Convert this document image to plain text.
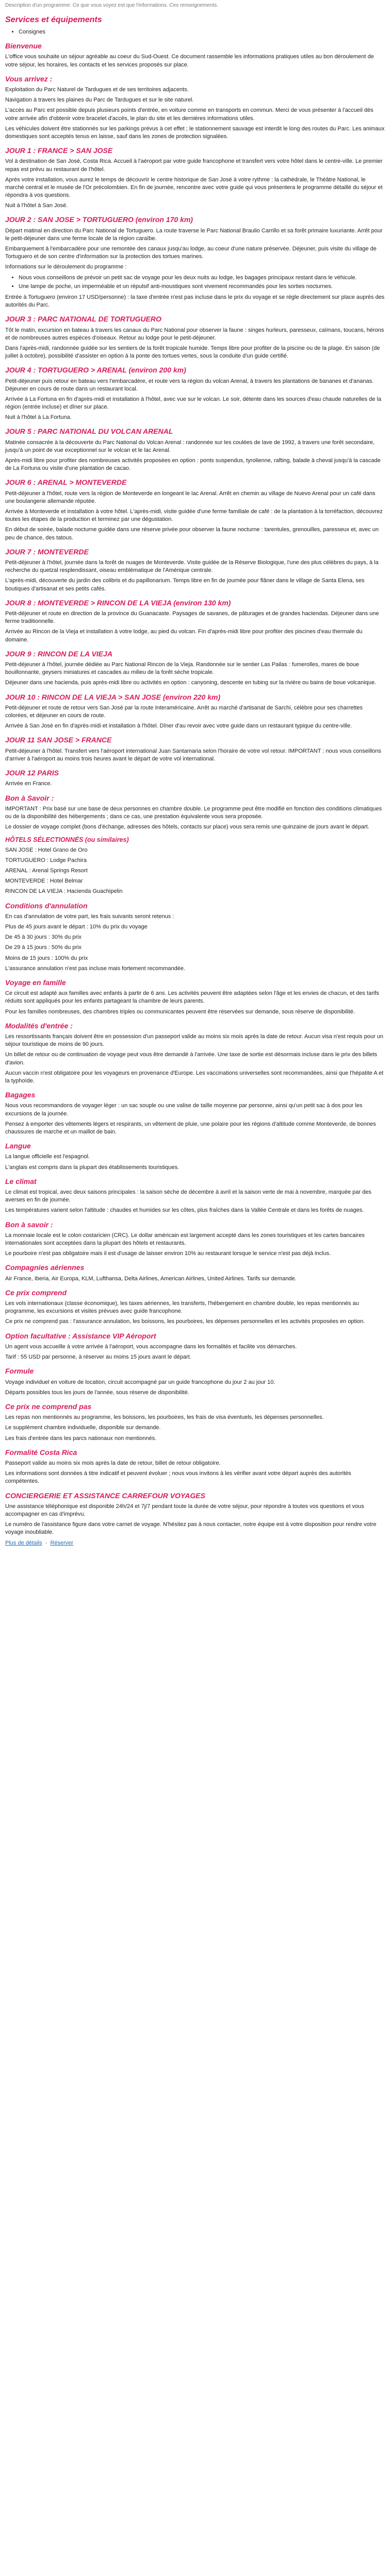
Description d'un programme: Ce que vous voyez est que l'informations. Ces renseignements.

Services et équipements
• Consignes
Bienvenue

L'office vous souhaite un séjour agréable au coeur du Sud-Ouest. Ce document rassemble les informations pratiques utiles au bon déroulement de votre séjour, les horaires, les contacts et les services proposés sur place.

Vous arrivez :

Exploitation du Parc Naturel de Tardugues et de ses territoires adjacents.

Navigation à travers les plaines du Parc de Tardugues et sur le site naturel.

L'accès au Parc est possible depuis plusieurs points d'entrée, en voiture comme en transports en commun. Merci de vous présenter à l'accueil dès votre arrivée afin d'obtenir votre bracelet d'accès, le plan du site et les dernières informations utiles.

Les véhicules doivent être stationnés sur les parkings prévus à cet effet ; le stationnement sauvage est interdit le long des routes du Parc. Les animaux domestiques sont acceptés tenus en laisse, sauf dans les zones de protection signalées.

JOUR 1 : FRANCE > SAN JOSE

Vol à destination de San José, Costa Rica. Accueil à l'aéroport par votre guide francophone et transfert vers votre hôtel dans le centre-ville. Le premier repas est prévu au restaurant de l'hôtel.

Après votre installation, vous aurez le temps de découvrir le centre historique de San José à votre rythme : la cathédrale, le Théâtre National, le marché central et le musée de l'Or précolombien. En fin de journée, rencontre avec votre guide qui vous présentera le programme détaillé du séjour et répondra à vos questions.

Nuit à l'hôtel à San José.

JOUR 2 : SAN JOSE > TORTUGUERO (environ 170 km)

Départ matinal en direction du Parc National de Tortuguero. La route traverse le Parc National Braulio Carrillo et sa forêt primaire luxuriante. Arrêt pour le petit-déjeuner dans une ferme locale de la région caraïbe.

Embarquement à l'embarcadère pour une remontée des canaux jusqu'au lodge, au coeur d'une nature préservée. Déjeuner, puis visite du village de Tortuguero et de son centre d'information sur la protection des tortues marines.

Informations sur le déroulement du programme :

• Nous vous conseillons de prévoir un petit sac de voyage pour les deux nuits au lodge, les bagages principaux restant dans le véhicule.
• Une lampe de poche, un imperméable et un répulsif anti-moustiques sont vivement recommandés pour les sorties nocturnes.

Entrée à Tortuguero (environ 17 USD/personne) : la taxe d'entrée n'est pas incluse dans le prix du voyage et se règle directement sur place auprès des autorités du Parc.

JOUR 3 : PARC NATIONAL DE TORTUGUERO

Tôt le matin, excursion en bateau à travers les canaux du Parc National pour observer la faune : singes hurleurs, paresseux, caïmans, toucans, hérons et de nombreuses autres espèces d'oiseaux. Retour au lodge pour le petit-déjeuner.

Dans l'après-midi, randonnée guidée sur les sentiers de la forêt tropicale humide. Temps libre pour profiter de la piscine ou de la plage. En saison (de juillet à octobre), possibilité d'assister en option à la ponte des tortues vertes, sous la conduite d'un guide certifié.

JOUR 4 : TORTUGUERO > ARENAL (environ 200 km)

Petit-déjeuner puis retour en bateau vers l'embarcadère, et route vers la région du volcan Arenal, à travers les plantations de bananes et d'ananas. Déjeuner en cours de route dans un restaurant local.

Arrivée à La Fortuna en fin d'après-midi et installation à l'hôtel, avec vue sur le volcan. Le soir, détente dans les sources d'eau chaude naturelles de la région (entrée incluse) et dîner sur place.

Nuit à l'hôtel à La Fortuna.

JOUR 5 : PARC NATIONAL DU VOLCAN ARENAL

Matinée consacrée à la découverte du Parc National du Volcan Arenal : randonnée sur les coulées de lave de 1992, à travers une forêt secondaire, jusqu'à un point de vue exceptionnel sur le volcan et le lac Arenal.

Après-midi libre pour profiter des nombreuses activités proposées en option : ponts suspendus, tyrolienne, rafting, balade à cheval jusqu'à la cascade de La Fortuna ou visite d'une plantation de cacao.

JOUR 6 : ARENAL > MONTEVERDE

Petit-déjeuner à l'hôtel, route vers la région de Monteverde en longeant le lac Arenal. Arrêt en chemin au village de Nuevo Arenal pour un café dans une boulangerie allemande réputée.

Arrivée à Monteverde et installation à votre hôtel. L'après-midi, visite guidée d'une ferme familiale de café : de la plantation à la torréfaction, découvrez toutes les étapes de la production et terminez par une dégustation.

En début de soirée, balade nocturne guidée dans une réserve privée pour observer la faune nocturne : tarentules, grenouilles, paresseux et, avec un peu de chance, des tatous.

JOUR 7 : MONTEVERDE

Petit-déjeuner à l'hôtel, journée dans la forêt de nuages de Monteverde. Visite guidée de la Réserve Biologique, l'une des plus célèbres du pays, à la recherche du quetzal resplendissant, oiseau emblématique de l'Amérique centrale.

L'après-midi, découverte du jardin des colibris et du papillonarium. Temps libre en fin de journée pour flâner dans le village de Santa Elena, ses boutiques d'artisanat et ses petits cafés.

JOUR 8 : MONTEVERDE > RINCON DE LA VIEJA (environ 130 km)

Petit-déjeuner et route en direction de la province du Guanacaste. Paysages de savanes, de pâturages et de grandes haciendas. Déjeuner dans une ferme traditionnelle.

Arrivée au Rincon de la Vieja et installation à votre lodge, au pied du volcan. Fin d'après-midi libre pour profiter des piscines d'eau thermale du domaine.

JOUR 9 : RINCON DE LA VIEJA

Petit-déjeuner à l'hôtel, journée dédiée au Parc National Rincon de la Vieja. Randonnée sur le sentier Las Pailas : fumerolles, mares de boue bouillonnante, geysers miniatures et cascades au milieu de la forêt sèche tropicale.

Déjeuner dans une hacienda, puis après-midi libre ou activités en option : canyoning, descente en tubing sur la rivière ou bains de boue volcanique.

JOUR 10 : RINCON DE LA VIEJA > SAN JOSE (environ 220 km)

Petit-déjeuner et route de retour vers San José par la route Interaméricaine. Arrêt au marché d'artisanat de Sarchi, célèbre pour ses charrettes colorées, et déjeuner en cours de route.

Arrivée à San José en fin d'après-midi et installation à l'hôtel. Dîner d'au revoir avec votre guide dans un restaurant typique du centre-ville.

JOUR 11 SAN JOSE > FRANCE

Petit-déjeuner à l'hôtel. Transfert vers l'aéroport international Juan Santamaria selon l'horaire de votre vol retour. IMPORTANT : nous vous conseillons d'arriver à l'aéroport au moins trois heures avant le départ de votre vol international.

JOUR 12 PARIS

Arrivée en France.

Bon à Savoir :

IMPORTANT : Prix basé sur une base de deux personnes en chambre double. Le programme peut être modifié en fonction des conditions climatiques ou de la disponibilité des hébergements ; dans ce cas, une prestation équivalente vous sera proposée.

Le dossier de voyage complet (bons d'échange, adresses des hôtels, contacts sur place) vous sera remis une quinzaine de jours avant le départ.

HÔTELS SÉLECTIONNÉS (ou similaires)

SAN JOSE : Hotel Grano de Oro

TORTUGUERO : Lodge Pachira

ARENAL : Arenal Springs Resort

MONTEVERDE : Hotel Belmar

RINCON DE LA VIEJA : Hacienda Guachipelin

Conditions d'annulation

En cas d'annulation de votre part, les frais suivants seront retenus :

Plus de 45 jours avant le départ : 10% du prix du voyage

De 45 à 30 jours : 30% du prix

De 29 à 15 jours : 50% du prix

Moins de 15 jours : 100% du prix

L'assurance annulation n'est pas incluse mais fortement recommandée.

Voyage en famille

Ce circuit est adapté aux familles avec enfants à partir de 6 ans. Les activités peuvent être adaptées selon l'âge et les envies de chacun, et des tarifs réduits sont appliqués pour les enfants partageant la chambre de leurs parents.

Pour les familles nombreuses, des chambres triples ou communicantes peuvent être réservées sur demande, sous réserve de disponibilité.

Modalités d'entrée :

Les ressortissants français doivent être en possession d'un passeport valide au moins six mois après la date de retour. Aucun visa n'est requis pour un séjour touristique de moins de 90 jours.

Un billet de retour ou de continuation de voyage peut vous être demandé à l'arrivée. Une taxe de sortie est désormais incluse dans le prix des billets d'avion.

Aucun vaccin n'est obligatoire pour les voyageurs en provenance d'Europe. Les vaccinations universelles sont recommandées, ainsi que l'hépatite A et la typhoïde.

Bagages

Nous vous recommandons de voyager léger : un sac souple ou une valise de taille moyenne par personne, ainsi qu'un petit sac à dos pour les excursions de la journée.

Pensez à emporter des vêtements légers et respirants, un vêtement de pluie, une polaire pour les régions d'altitude comme Monteverde, de bonnes chaussures de marche et un maillot de bain.

Langue

La langue officielle est l'espagnol.

L'anglais est compris dans la plupart des établissements touristiques.

Le climat

Le climat est tropical, avec deux saisons principales : la saison sèche de décembre à avril et la saison verte de mai à novembre, marquée par des averses en fin de journée.

Les températures varient selon l'altitude : chaudes et humides sur les côtes, plus fraîches dans la Vallée Centrale et dans les forêts de nuages.

Bon à savoir :

La monnaie locale est le colon costaricien (CRC). Le dollar américain est largement accepté dans les zones touristiques et les cartes bancaires internationales sont acceptées dans la plupart des hôtels et restaurants.

Le pourboire n'est pas obligatoire mais il est d'usage de laisser environ 10% au restaurant lorsque le service n'est pas déjà inclus.

Compagnies aériennes

Air France, Iberia, Air Europa, KLM, Lufthansa, Delta Airlines, American Airlines, United Airlines. Tarifs sur demande.

Ce prix comprend

Les vols internationaux (classe économique), les taxes aériennes, les transferts, l'hébergement en chambre double, les repas mentionnés au programme, les excursions et visites prévues avec guide francophone.

Ce prix ne comprend pas : l'assurance annulation, les boissons, les pourboires, les dépenses personnelles et les activités proposées en option.

Option facultative : Assistance VIP Aéroport

Un agent vous accueille à votre arrivée à l'aéroport, vous accompagne dans les formalités et facilite vos démarches.

Tarif : 55 USD par personne, à réserver au moins 15 jours avant le départ.

Formule

Voyage individuel en voiture de location, circuit accompagné par un guide francophone du jour 2 au jour 10.

Départs possibles tous les jours de l'année, sous réserve de disponibilité.

Ce prix ne comprend pas

Les repas non mentionnés au programme, les boissons, les pourboires, les frais de visa éventuels, les dépenses personnelles.

Le supplément chambre individuelle, disponible sur demande.

Les frais d'entrée dans les parcs nationaux non mentionnés.

Formalité Costa Rica

Passeport valide au moins six mois après la date de retour, billet de retour obligatoire.

Les informations sont données à titre indicatif et peuvent évoluer ; nous vous invitons à les vérifier avant votre départ auprès des autorités compétentes.

CONCIERGERIE ET ASSISTANCE CARREFOUR VOYAGES

Une assistance téléphonique est disponible 24h/24 et 7j/7 pendant toute la durée de votre séjour, pour répondre à toutes vos questions et vous accompagner en cas d'imprévu.

Le numéro de l'assistance figure dans votre carnet de voyage. N'hésitez pas à nous contacter, notre équipe est à votre disposition pour rendre votre voyage inoubliable.

Plus de détails  ·  Réserver
